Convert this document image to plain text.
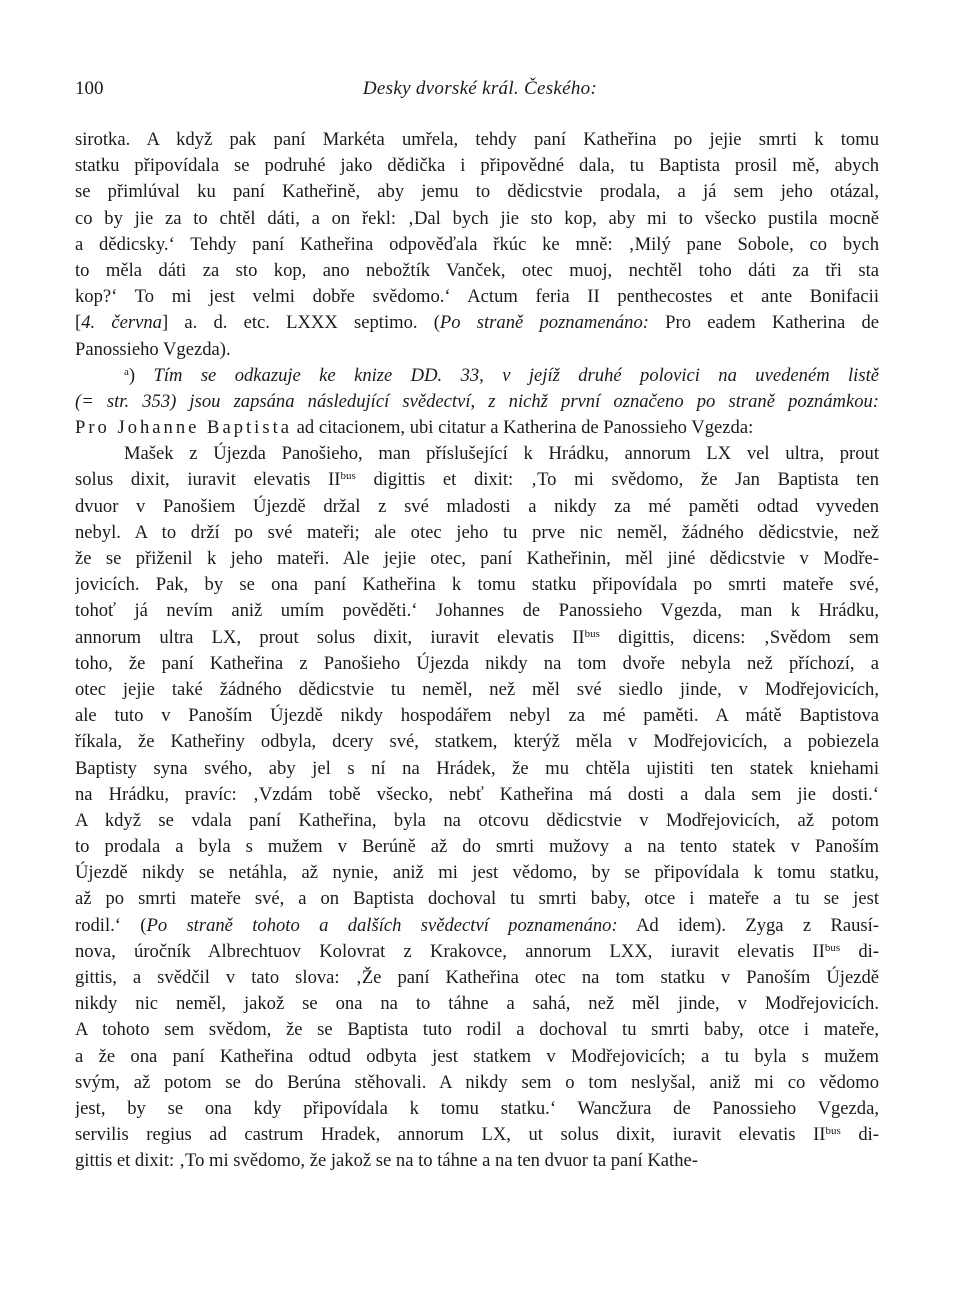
100	Desky dvorské král. Českého:
sirotka. A když pak paní Markéta umřela, tehdy paní Katheřina po jejie smrti k tomu
statku připovídala se podruhé jako dědička i připovědné dala, tu Baptista prosil mě, abych
se přimlúval ku paní Katheřině, aby jemu to dědicstvie prodala, a já sem jeho otázal,
co by jie za to chtěl dáti, a on řekl: ‚Dal bych jie sto kop, aby mi to všecko pustila mocně
a dědicsky.‘ Tehdy paní Katheřina odpověďala řkúc ke mně: ‚Milý pane Sobole, co bych
to měla dáti za sto kop, ano nebožtík Vanček, otec muoj, nechtěl toho dáti za tři sta
kop?‘ To mi jest velmi dobře svědomo.‘ Actum feria II penthecostes et ante Bonifacii
[4. června] a. d. etc. LXXX septimo. (Po straně poznamenáno: Pro eadem Katherina de
Panossieho Vgezda).
$^a$) Tím se odkazuje ke knize DD. 33, v jejíž druhé polovici na uvedeném listě
(= str. 353) jsou zapsána následující svědectví, z nichž první označeno po straně poznámkou:
Pro Johanne Baptista ad citacionem, ubi citatur a Katherina de Panossieho Vgezda:
Mašek z Újezda Panošieho, man příslušející k Hrádku, annorum LX vel ultra, prout
solus dixit, iuravit elevatis $II^{bus}$ digittis et dixit: ‚To mi svědomo, že Jan Baptista ten
dvuor v Panošiem Újezdě držal z své mladosti a nikdy za mé paměti odtad vyveden
nebyl. A to drží po své mateři; ale otec jeho tu prve nic neměl, žádného dědicstvie, než
že se přiženil k jeho mateři. Ale jejie otec, paní Katheřinin, měl jiné dědicstvie v Modře-
jovicích. Pak, by se ona paní Katheřina k tomu statku připovídala po smrti mateře své,
tohoť já nevím aniž umím pověděti.‘ Johannes de Panossieho Vgezda, man k Hrádku,
annorum ultra LX, prout solus dixit, iuravit elevatis $II^{bus}$ digittis, dicens: ‚Svědom sem
toho, že paní Katheřina z Panošieho Újezda nikdy na tom dvoře nebyla než příchozí, a
otec jejie také žádného dědicstvie tu neměl, než měl své siedlo jinde, v Modřejovicích,
ale tuto v Panoším Újezdě nikdy hospodářem nebyl za mé paměti. A mátě Baptistova
říkala, že Katheřiny odbyla, dcery své, statkem, kterýž měla v Modřejovicích, a pobiezela
Baptisty syna svého, aby jel s ní na Hrádek, že mu chtěla ujistiti ten statek kniehami
na Hrádku, pravíc: ‚Vzdám tobě všecko, nebť Katheřina má dosti a dala sem jie dosti.‘
A když se vdala paní Katheřina, byla na otcovu dědicstvie v Modřejovicích, až potom
to prodala a byla s mužem v Berúně až do smrti mužovy a na tento statek v Panoším
Újezdě nikdy se netáhla, až nynie, aniž mi jest vědomo, by se připovídala k tomu statku,
až po smrti mateře své, a on Baptista dochoval tu smrti baby, otce i mateře a tu se jest
rodil.‘ (Po straně tohoto a dalších svědectví poznamenáno: Ad idem). Zyga z Rausí-
nova, úročník Albrechtuov Kolovrat z Krakovce, annorum LXX, iuravit elevatis $II^{bus}$ di-
gittis, a svědčil v tato slova: ‚Že paní Katheřina otec na tom statku v Panoším Újezdě
nikdy nic neměl, jakož se ona na to táhne a sahá, než měl jinde, v Modřejovicích.
A tohoto sem svědom, že se Baptista tuto rodil a dochoval tu smrti baby, otce i mateře,
a že ona paní Katheřina odtud odbyta jest statkem v Modřejovicích; a tu byla s mužem
svým, až potom se do Berúna stěhovali. A nikdy sem o tom neslyšal, aniž mi co vědomo
jest, by se ona kdy připovídala k tomu statku.‘ Wancžura de Panossieho Vgezda,
servilis regius ad castrum Hradek, annorum LX, ut solus dixit, iuravit elevatis $II^{bus}$ di-
gittis et dixit: ‚To mi svědomo, že jakož se na to táhne a na ten dvuor ta paní Kathe-
